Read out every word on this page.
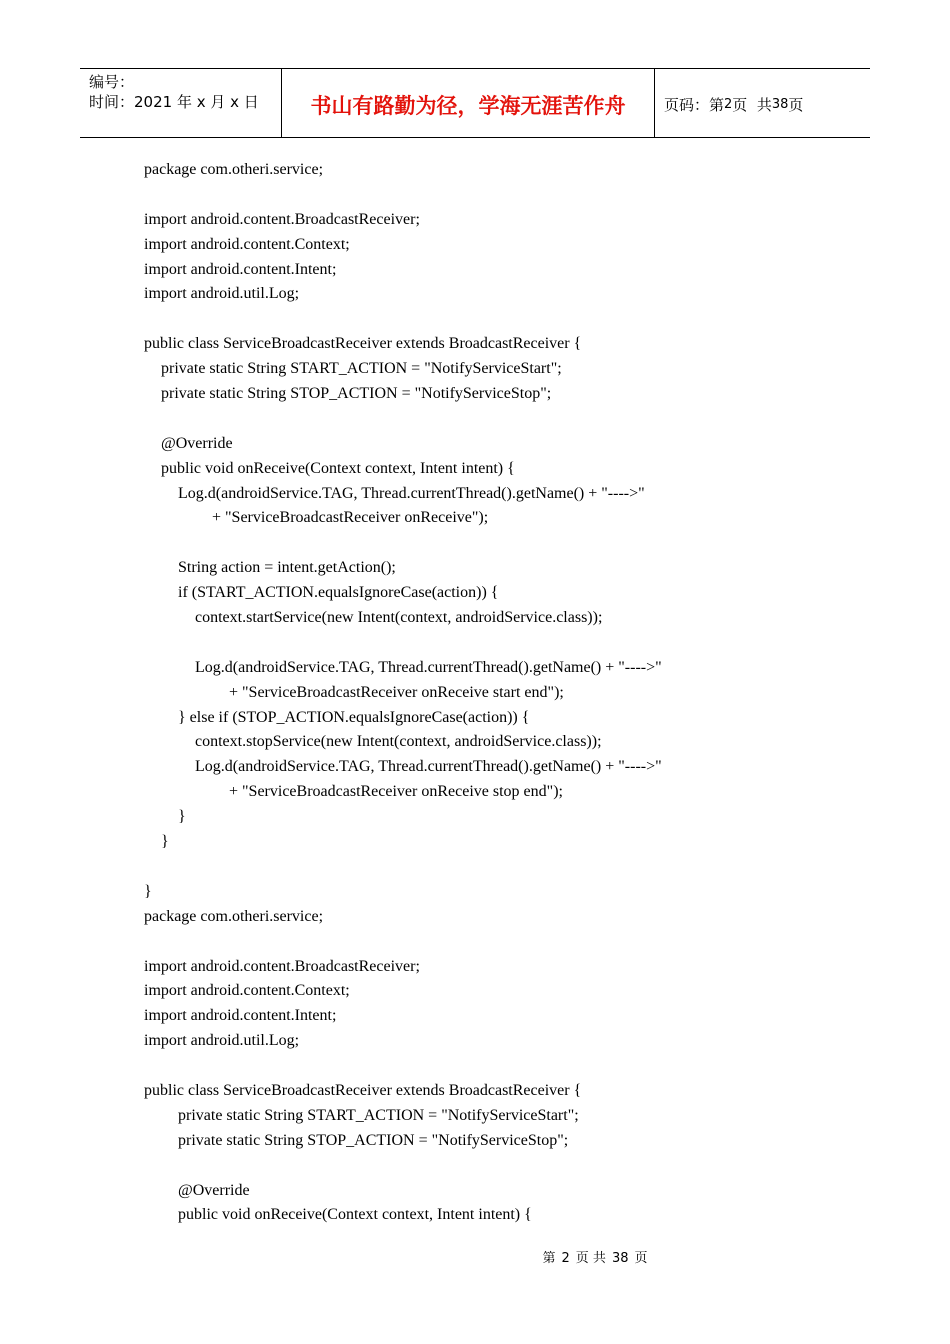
编号：
时间：2021 年 x 月 x 日	书山有路勤为径，学海无涯苦作舟	页码：第 2 页  共 38 页
package com.otheri.service;
import android.content.BroadcastReceiver;
import android.content.Context;
import android.content.Intent;
import android.util.Log;
public class ServiceBroadcastReceiver extends BroadcastReceiver {
private static String START_ACTION = "NotifyServiceStart";
private static String STOP_ACTION = "NotifyServiceStop";
@Override
public void onReceive(Context context, Intent intent) {
Log.d(androidService.TAG, Thread.currentThread().getName() + "---->"
+ "ServiceBroadcastReceiver onReceive");
String action = intent.getAction();
if (START_ACTION.equalsIgnoreCase(action)) {
context.startService(new Intent(context, androidService.class));
Log.d(androidService.TAG, Thread.currentThread().getName() + "---->"
+ "ServiceBroadcastReceiver onReceive start end");
} else if (STOP_ACTION.equalsIgnoreCase(action)) {
context.stopService(new Intent(context, androidService.class));
Log.d(androidService.TAG, Thread.currentThread().getName() + "---->"
+ "ServiceBroadcastReceiver onReceive stop end");
}
}
}
package com.otheri.service;
import android.content.BroadcastReceiver;
import android.content.Context;
import android.content.Intent;
import android.util.Log;
public class ServiceBroadcastReceiver extends BroadcastReceiver {
private static String START_ACTION = "NotifyServiceStart";
private static String STOP_ACTION = "NotifyServiceStop";
@Override
public void onReceive(Context context, Intent intent) {
第 2 页 共 38 页
